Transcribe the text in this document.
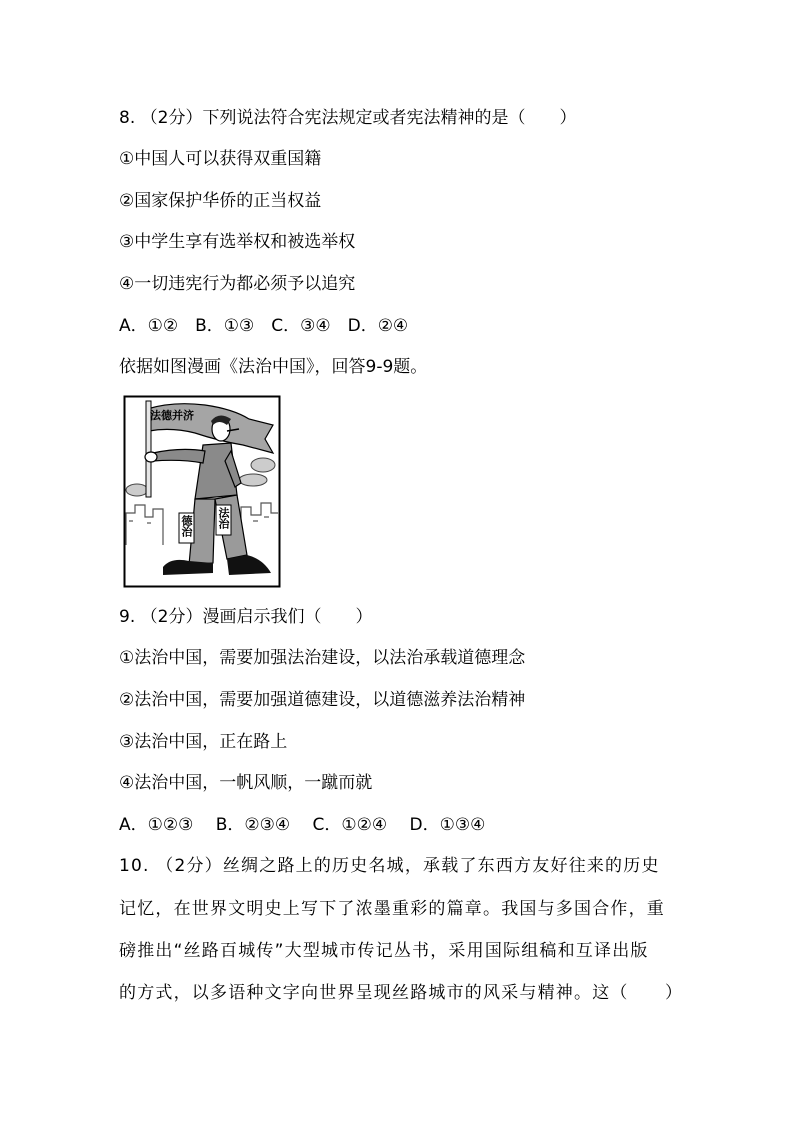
8. （2分）下列说法符合宪法规定或者宪法精神的是（　　）
①中国人可以获得双重国籍
②国家保护华侨的正当权益
③中学生享有选举权和被选举权
④一切违宪行为都必须予以追究
A．①②　B．①③　C．③④　D．②④
依据如图漫画《法治中国》，回答9-9题。
法德并济
德治 法治
9. （2分）漫画启示我们（　　）
①法治中国，需要加强法治建设，以法治承载道德理念
②法治中国，需要加强道德建设，以道德滋养法治精神
③法治中国，正在路上
④法治中国，一帆风顺，一蹴而就
A．①②③　 B．②③④　 C．①②④　 D．①③④
10. （2分）丝绸之路上的历史名城，承载了东西方友好往来的历史
记忆，在世界文明史上写下了浓墨重彩的篇章。我国与多国合作，重
磅推出“丝路百城传”大型城市传记丛书，采用国际组稿和互译出版
的方式，以多语种文字向世界呈现丝路城市的风采与精神。这（　　）
